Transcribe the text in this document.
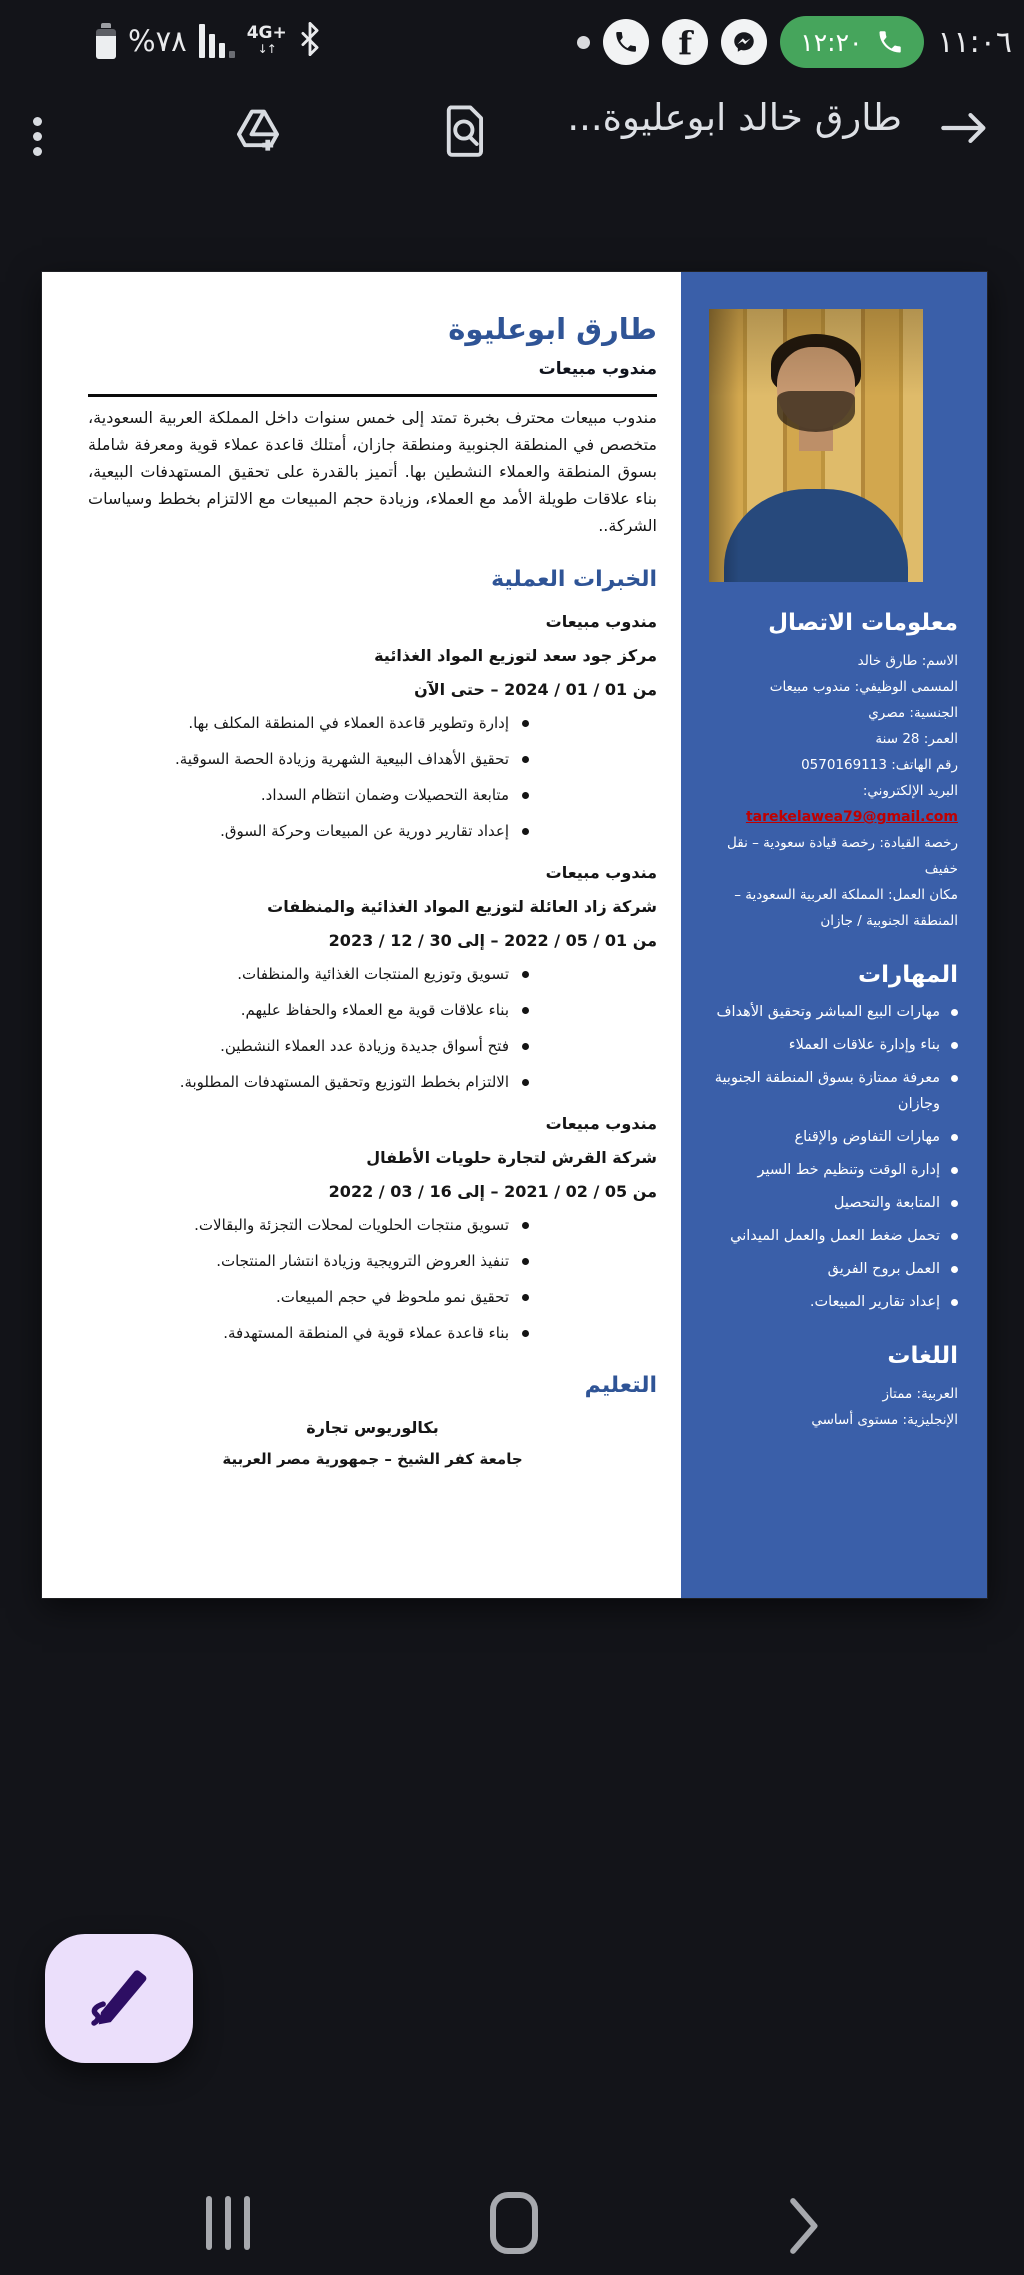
%٧٨	4G+
↓↑	f	١٢:٢٠	١١:٠٦
طارق خالد ابوعليوة...
طارق ابوعليوة
مندوب مبيعات

مندوب مبيعات محترف بخبرة تمتد إلى خمس سنوات داخل المملكة العربية السعودية، متخصص في المنطقة الجنوبية ومنطقة جازان، أمتلك قاعدة عملاء قوية ومعرفة شاملة بسوق المنطقة والعملاء النشطين بها. أتميز بالقدرة على تحقيق المستهدفات البيعية، بناء علاقات طويلة الأمد مع العملاء، وزيادة حجم المبيعات مع الالتزام بخطط وسياسات الشركة..

الخبرات العملية

مندوب مبيعات

مركز جود سعد لتوزيع المواد الغذائية

من 01 / 01 / 2024 – حتى الآن

إدارة وتطوير قاعدة العملاء في المنطقة المكلف بها.
تحقيق الأهداف البيعية الشهرية وزيادة الحصة السوقية.
متابعة التحصيلات وضمان انتظام السداد.
إعداد تقارير دورية عن المبيعات وحركة السوق.

مندوب مبيعات

شركة زاد العائلة لتوزيع المواد الغذائية والمنظفات

من 01 / 05 / 2022 – إلى 30 / 12 / 2023

تسويق وتوزيع المنتجات الغذائية والمنظفات.
بناء علاقات قوية مع العملاء والحفاظ عليهم.
فتح أسواق جديدة وزيادة عدد العملاء النشطين.
الالتزام بخطط التوزيع وتحقيق المستهدفات المطلوبة.

مندوب مبيعات

شركة القرش لتجارة حلويات الأطفال

من 05 / 02 / 2021 – إلى 16 / 03 / 2022

تسويق منتجات الحلويات لمحلات التجزئة والبقالات.
تنفيذ العروض الترويجية وزيادة انتشار المنتجات.
تحقيق نمو ملحوظ في حجم المبيعات.
بناء قاعدة عملاء قوية في المنطقة المستهدفة.
التعليم

بكالوريوس تجارة

جامعة كفر الشيخ – جمهورية مصر العربية

معلومات الاتصال

الاسم: طارق خالد

المسمى الوظيفي: مندوب مبيعات

الجنسية: مصري

العمر: 28 سنة

رقم الهاتف: 0570169113

البريد الإلكتروني:

tarekelawea79@gmail.com

رخصة القيادة: رخصة قيادة سعودية – نقل خفيف

مكان العمل: المملكة العربية السعودية – المنطقة الجنوبية / جازان

المهارات
مهارات البيع المباشر وتحقيق الأهداف
بناء وإدارة علاقات العملاء
معرفة ممتازة بسوق المنطقة الجنوبية وجازان
مهارات التفاوض والإقناع
إدارة الوقت وتنظيم خط السير
المتابعة والتحصيل
تحمل ضغط العمل والعمل الميداني
العمل بروح الفريق
إعداد تقارير المبيعات.
اللغات

العربية: ممتاز

الإنجليزية: مستوى أساسي
